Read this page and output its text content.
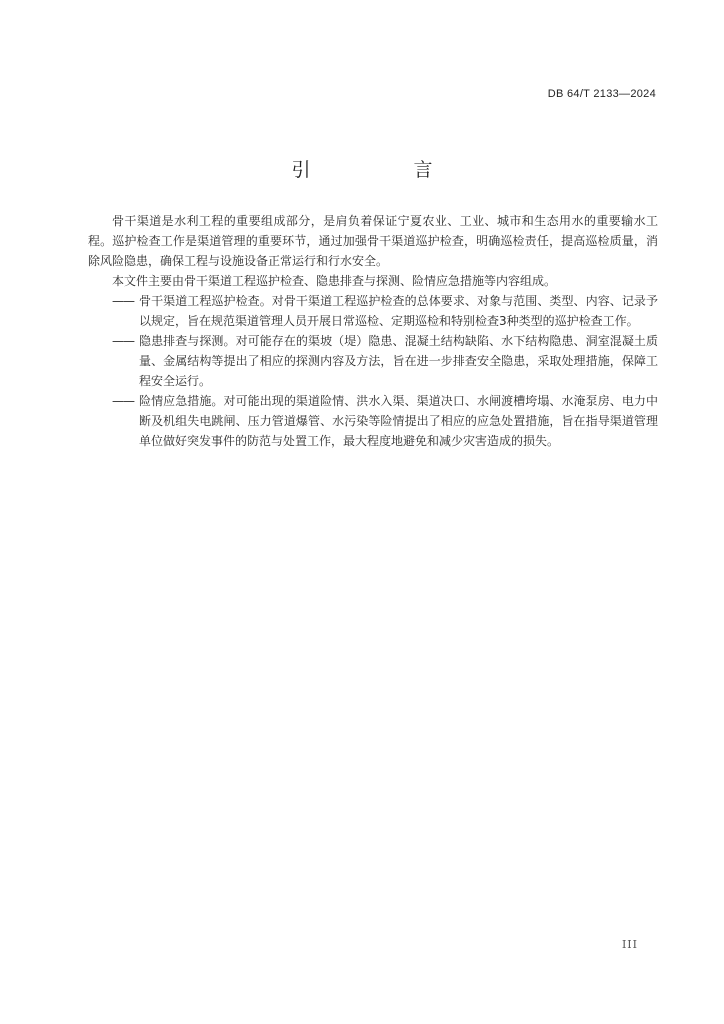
DB 64/T 2133—2024
引　言

骨干渠道是水利工程的重要组成部分，是肩负着保证宁夏农业、工业、城市和生态用水的重要输水工程。巡护检查工作是渠道管理的重要环节，通过加强骨干渠道巡护检查，明确巡检责任，提高巡检质量，消除风险隐患，确保工程与设施设备正常运行和行水安全。

本文件主要由骨干渠道工程巡护检查、隐患排查与探测、险情应急措施等内容组成。

—— 骨干渠道工程巡护检查。对骨干渠道工程巡护检查的总体要求、对象与范围、类型、内容、记录予以规定，旨在规范渠道管理人员开展日常巡检、定期巡检和特别检查3种类型的巡护检查工作。
—— 隐患排查与探测。对可能存在的渠坡（堤）隐患、混凝土结构缺陷、水下结构隐患、洞室混凝土质量、金属结构等提出了相应的探测内容及方法，旨在进一步排查安全隐患，采取处理措施，保障工程安全运行。
—— 险情应急措施。对可能出现的渠道险情、洪水入渠、渠道决口、水闸渡槽垮塌、水淹泵房、电力中断及机组失电跳闸、压力管道爆管、水污染等险情提出了相应的应急处置措施，旨在指导渠道管理单位做好突发事件的防范与处置工作，最大程度地避免和减少灾害造成的损失。
III
